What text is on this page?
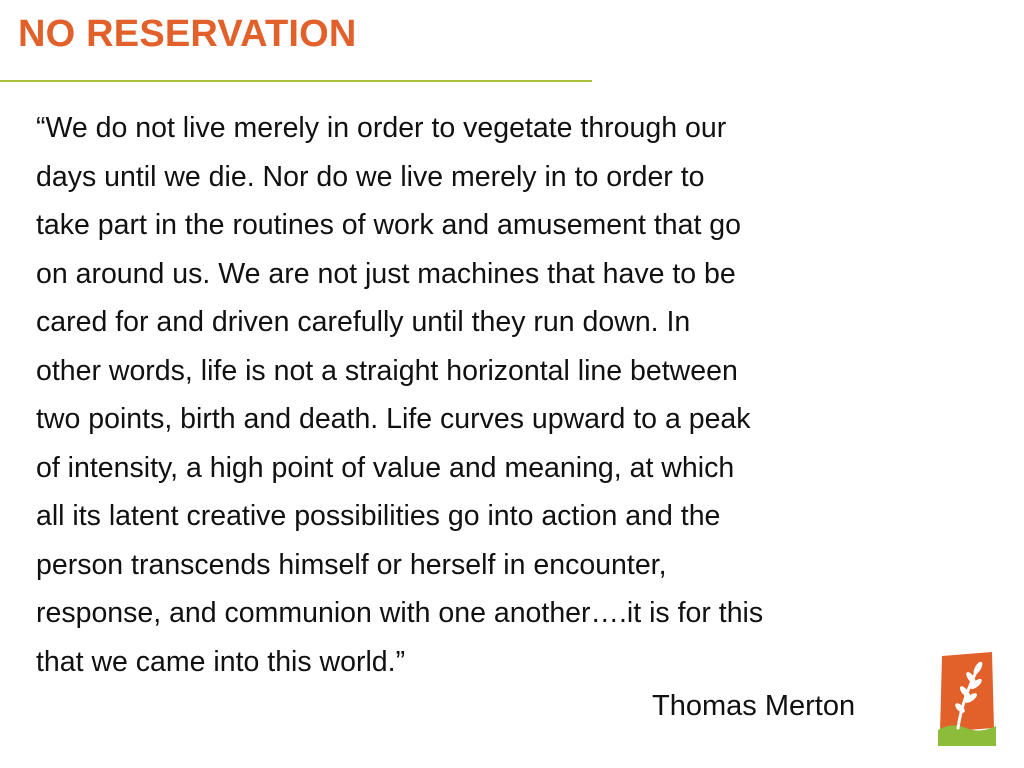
NO RESERVATION

“We do not live merely in order to vegetate through our
days until we die. Nor do we live merely in to order to
take part in the routines of work and amusement that go
on around us. We are not just machines that have to be
cared for and driven carefully until they run down. In
other words, life is not a straight horizontal line between
two points, birth and death. Life curves upward to a peak
of intensity, a high point of value and meaning, at which
all its latent creative possibilities go into action and the
person transcends himself or herself in encounter,
response, and communion with one another….it is for this
that we came into this world.”

Thomas Merton
